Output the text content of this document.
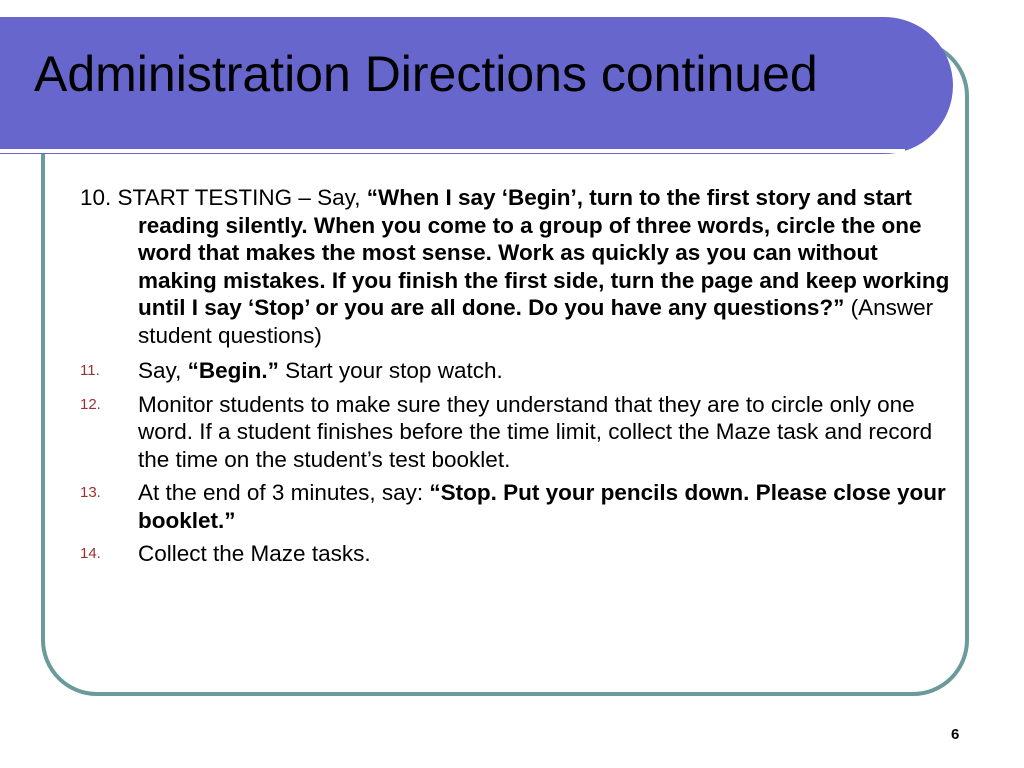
Administration Directions continued

10. START TESTING – Say, “When I say ‘Begin’, turn to the first story and start reading silently. When you come to a group of three words, circle the one word that makes the most sense. Work as quickly as you can without making mistakes. If you finish the first side, turn the page and keep working until I say ‘Stop’ or you are all done. Do you have any questions?” (Answer student questions)

11.	Say, “Begin.” Start your stop watch.
12.	Monitor students to make sure they understand that they are to circle only one word. If a student finishes before the time limit, collect the Maze task and record the time on the student’s test booklet.
13.	At the end of 3 minutes, say: “Stop. Put your pencils down. Please close your booklet.”
14.	Collect the Maze tasks.
6
